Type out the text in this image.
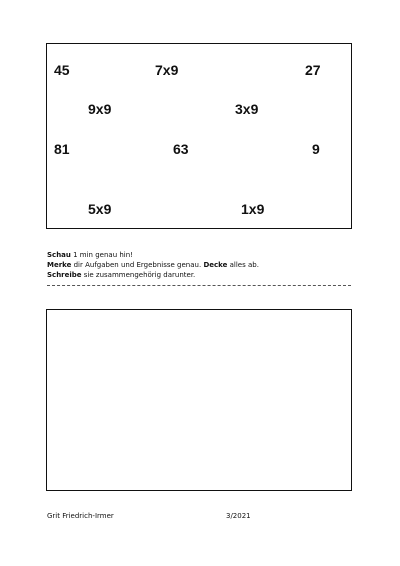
45	7x9	27
9x9	3x9
81	63	9
5x9	1x9
Schau 1 min genau hin!
Merke dir Aufgaben und Ergebnisse genau. Decke alles ab.
Schreibe sie zusammengehörig darunter.
Grit Friedrich-Irmer	3/2021
